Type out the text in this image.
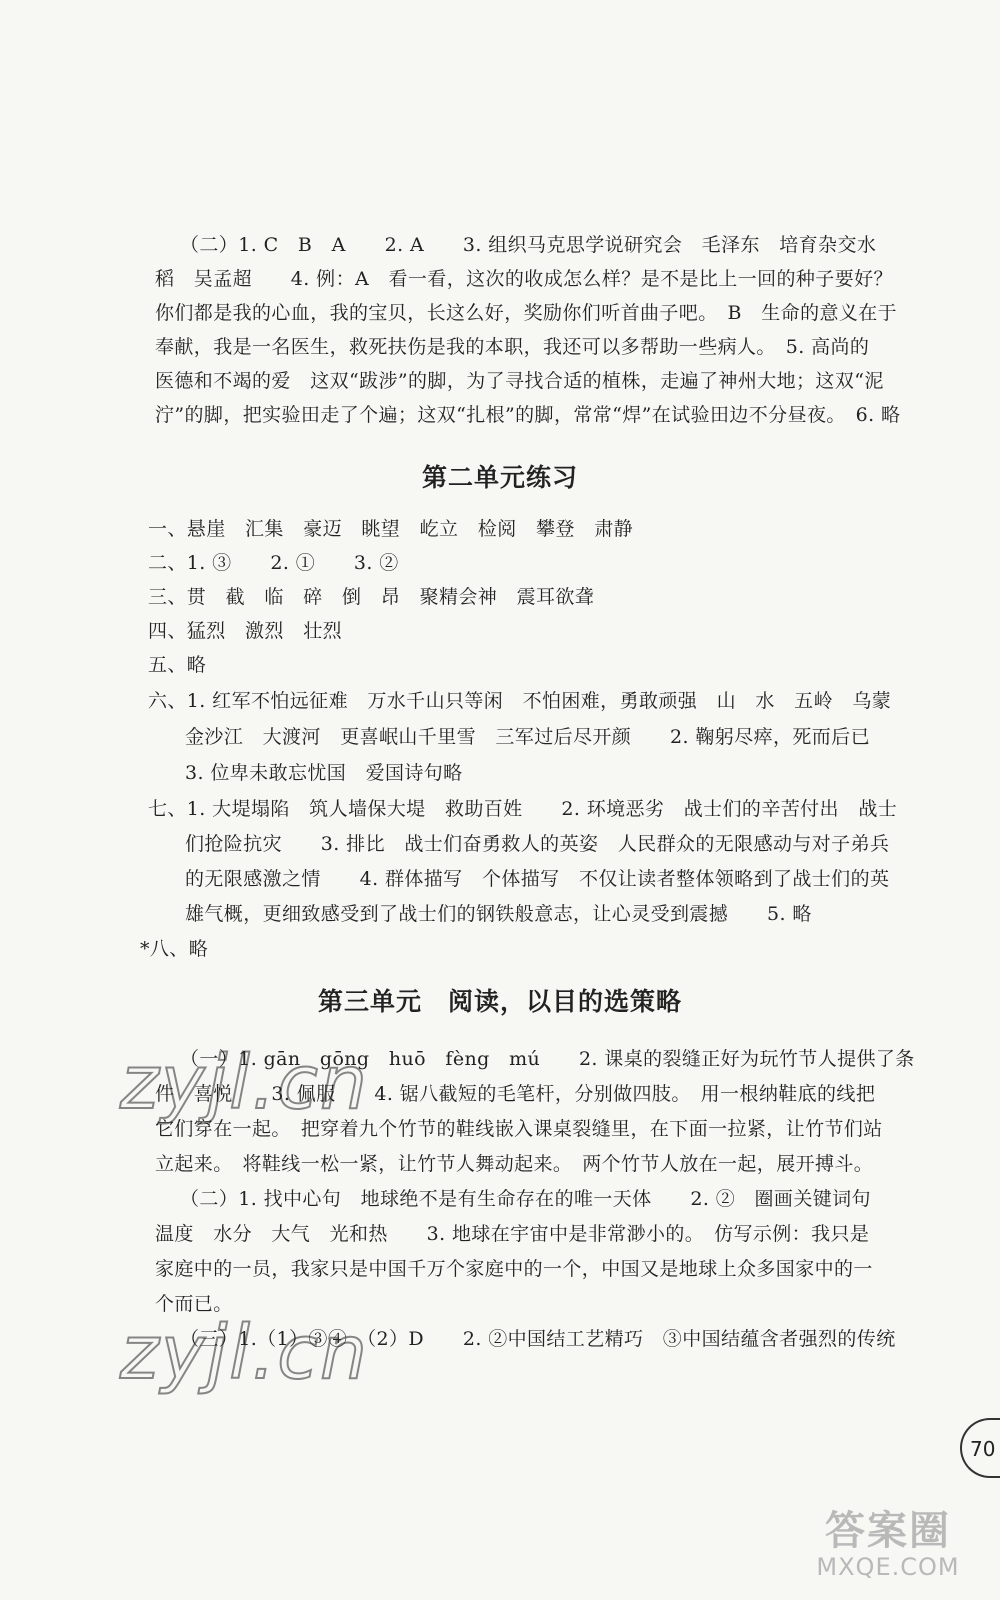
（二）1. C　B　A　　2. A　　3. 组织马克思学说研究会　毛泽东　培育杂交水
稻　吴孟超　　4. 例：A　看一看，这次的收成怎么样？是不是比上一回的种子要好？
你们都是我的心血，我的宝贝，长这么好，奖励你们听首曲子吧。　B　生命的意义在于
奉献，我是一名医生，救死扶伤是我的本职，我还可以多帮助一些病人。　5. 高尚的
医德和不竭的爱　这双“跋涉”的脚，为了寻找合适的植株，走遍了神州大地；这双“泥
泞”的脚，把实验田走了个遍；这双“扎根”的脚，常常“焊”在试验田边不分昼夜。　6. 略
第二单元练习
一、悬崖　汇集　豪迈　眺望　屹立　检阅　攀登　肃静
二、1. ③　　2. ①　　3. ②
三、贯　截　临　碎　倒　昂　聚精会神　震耳欲聋
四、猛烈　激烈　壮烈
五、略
六、1. 红军不怕远征难　万水千山只等闲　不怕困难，勇敢顽强　山　水　五岭　乌蒙
金沙江　大渡河　更喜岷山千里雪　三军过后尽开颜　　2. 鞠躬尽瘁，死而后已
3. 位卑未敢忘忧国　爱国诗句略
七、1. 大堤塌陷　筑人墙保大堤　救助百姓　　2. 环境恶劣　战士们的辛苦付出　战士
们抢险抗灾　　3. 排比　战士们奋勇救人的英姿　人民群众的无限感动与对子弟兵
的无限感激之情　　4. 群体描写　个体描写　不仅让读者整体领略到了战士们的英
雄气概，更细致感受到了战士们的钢铁般意志，让心灵受到震撼　　5. 略
*八、略
第三单元　阅读，以目的选策略
（一）1. gān　gōng　huō　fèng　mú　　2. 课桌的裂缝正好为玩竹节人提供了条
件　喜悦　　3. 佩服　　4. 锯八截短的毛笔杆，分别做四肢。　用一根纳鞋底的线把
它们穿在一起。　把穿着九个竹节的鞋线嵌入课桌裂缝里，在下面一拉紧，让竹节们站
立起来。　将鞋线一松一紧，让竹节人舞动起来。　两个竹节人放在一起，展开搏斗。
（二）1. 找中心句　地球绝不是有生命存在的唯一天体　　2. ②　圈画关键词句
温度　水分　大气　光和热　　3. 地球在宇宙中是非常渺小的。　仿写示例：我只是
家庭中的一员，我家只是中国千万个家庭中的一个，中国又是地球上众多国家中的一
个而已。
（三）1.（1）③④　（2）D　　2. ②中国结工艺精巧　③中国结蕴含者强烈的传统
zyjl.cn
zyjl.cn
70
答案圈
MXQE.COM
